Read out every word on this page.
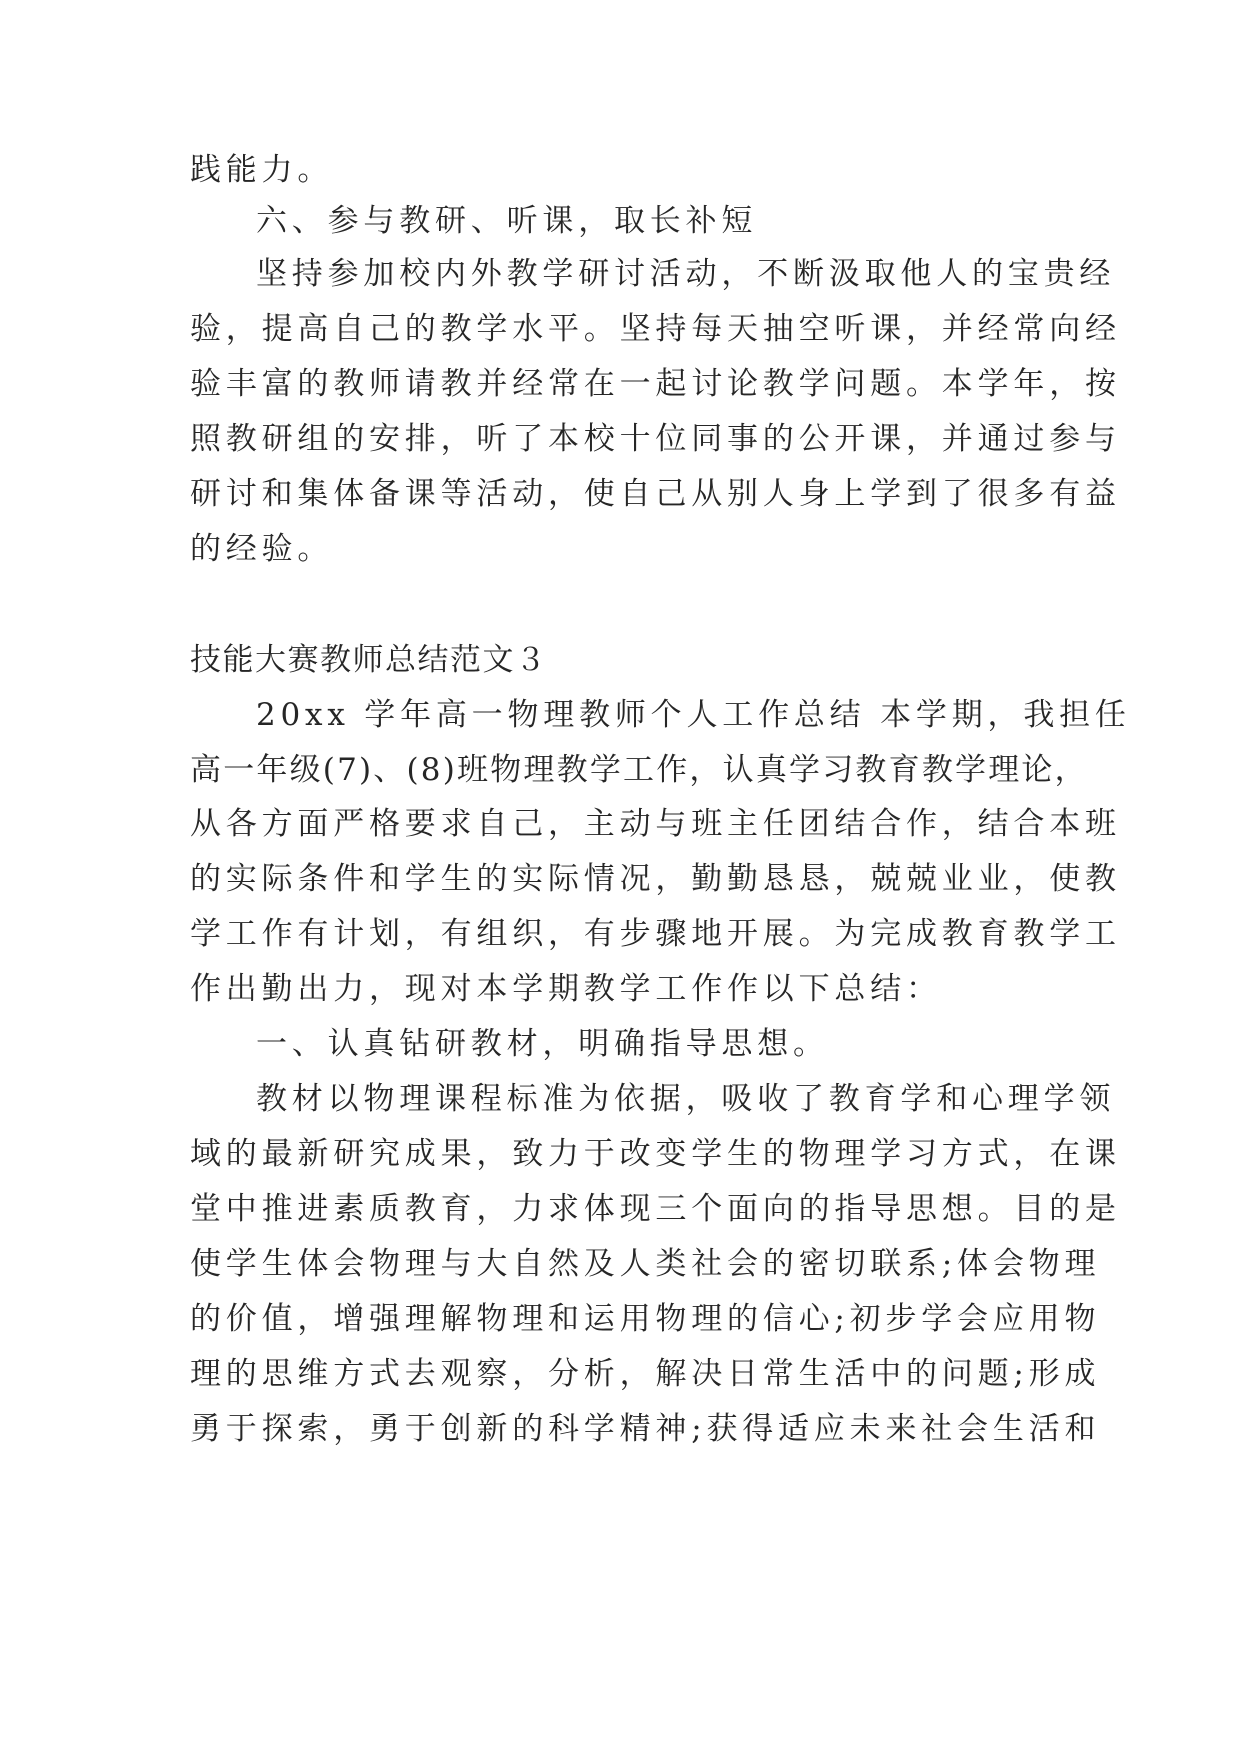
践能力。
六、参与教研、听课，取长补短
坚持参加校内外教学研讨活动，不断汲取他人的宝贵经
验，提高自己的教学水平。坚持每天抽空听课，并经常向经
验丰富的教师请教并经常在一起讨论教学问题。本学年，按
照教研组的安排，听了本校十位同事的公开课，并通过参与
研讨和集体备课等活动，使自己从别人身上学到了很多有益
的经验。
技能大赛教师总结范文３
20xx 学年高一物理教师个人工作总结 本学期，我担任
高一年级(7)、(8)班物理教学工作，认真学习教育教学理论，
从各方面严格要求自己，主动与班主任团结合作，结合本班
的实际条件和学生的实际情况，勤勤恳恳，兢兢业业，使教
学工作有计划，有组织，有步骤地开展。为完成教育教学工
作出勤出力，现对本学期教学工作作以下总结：
一、认真钻研教材，明确指导思想。
教材以物理课程标准为依据，吸收了教育学和心理学领
域的最新研究成果，致力于改变学生的物理学习方式，在课
堂中推进素质教育，力求体现三个面向的指导思想。目的是
使学生体会物理与大自然及人类社会的密切联系;体会物理
的价值，增强理解物理和运用物理的信心;初步学会应用物
理的思维方式去观察，分析，解决日常生活中的问题;形成
勇于探索，勇于创新的科学精神;获得适应未来社会生活和
